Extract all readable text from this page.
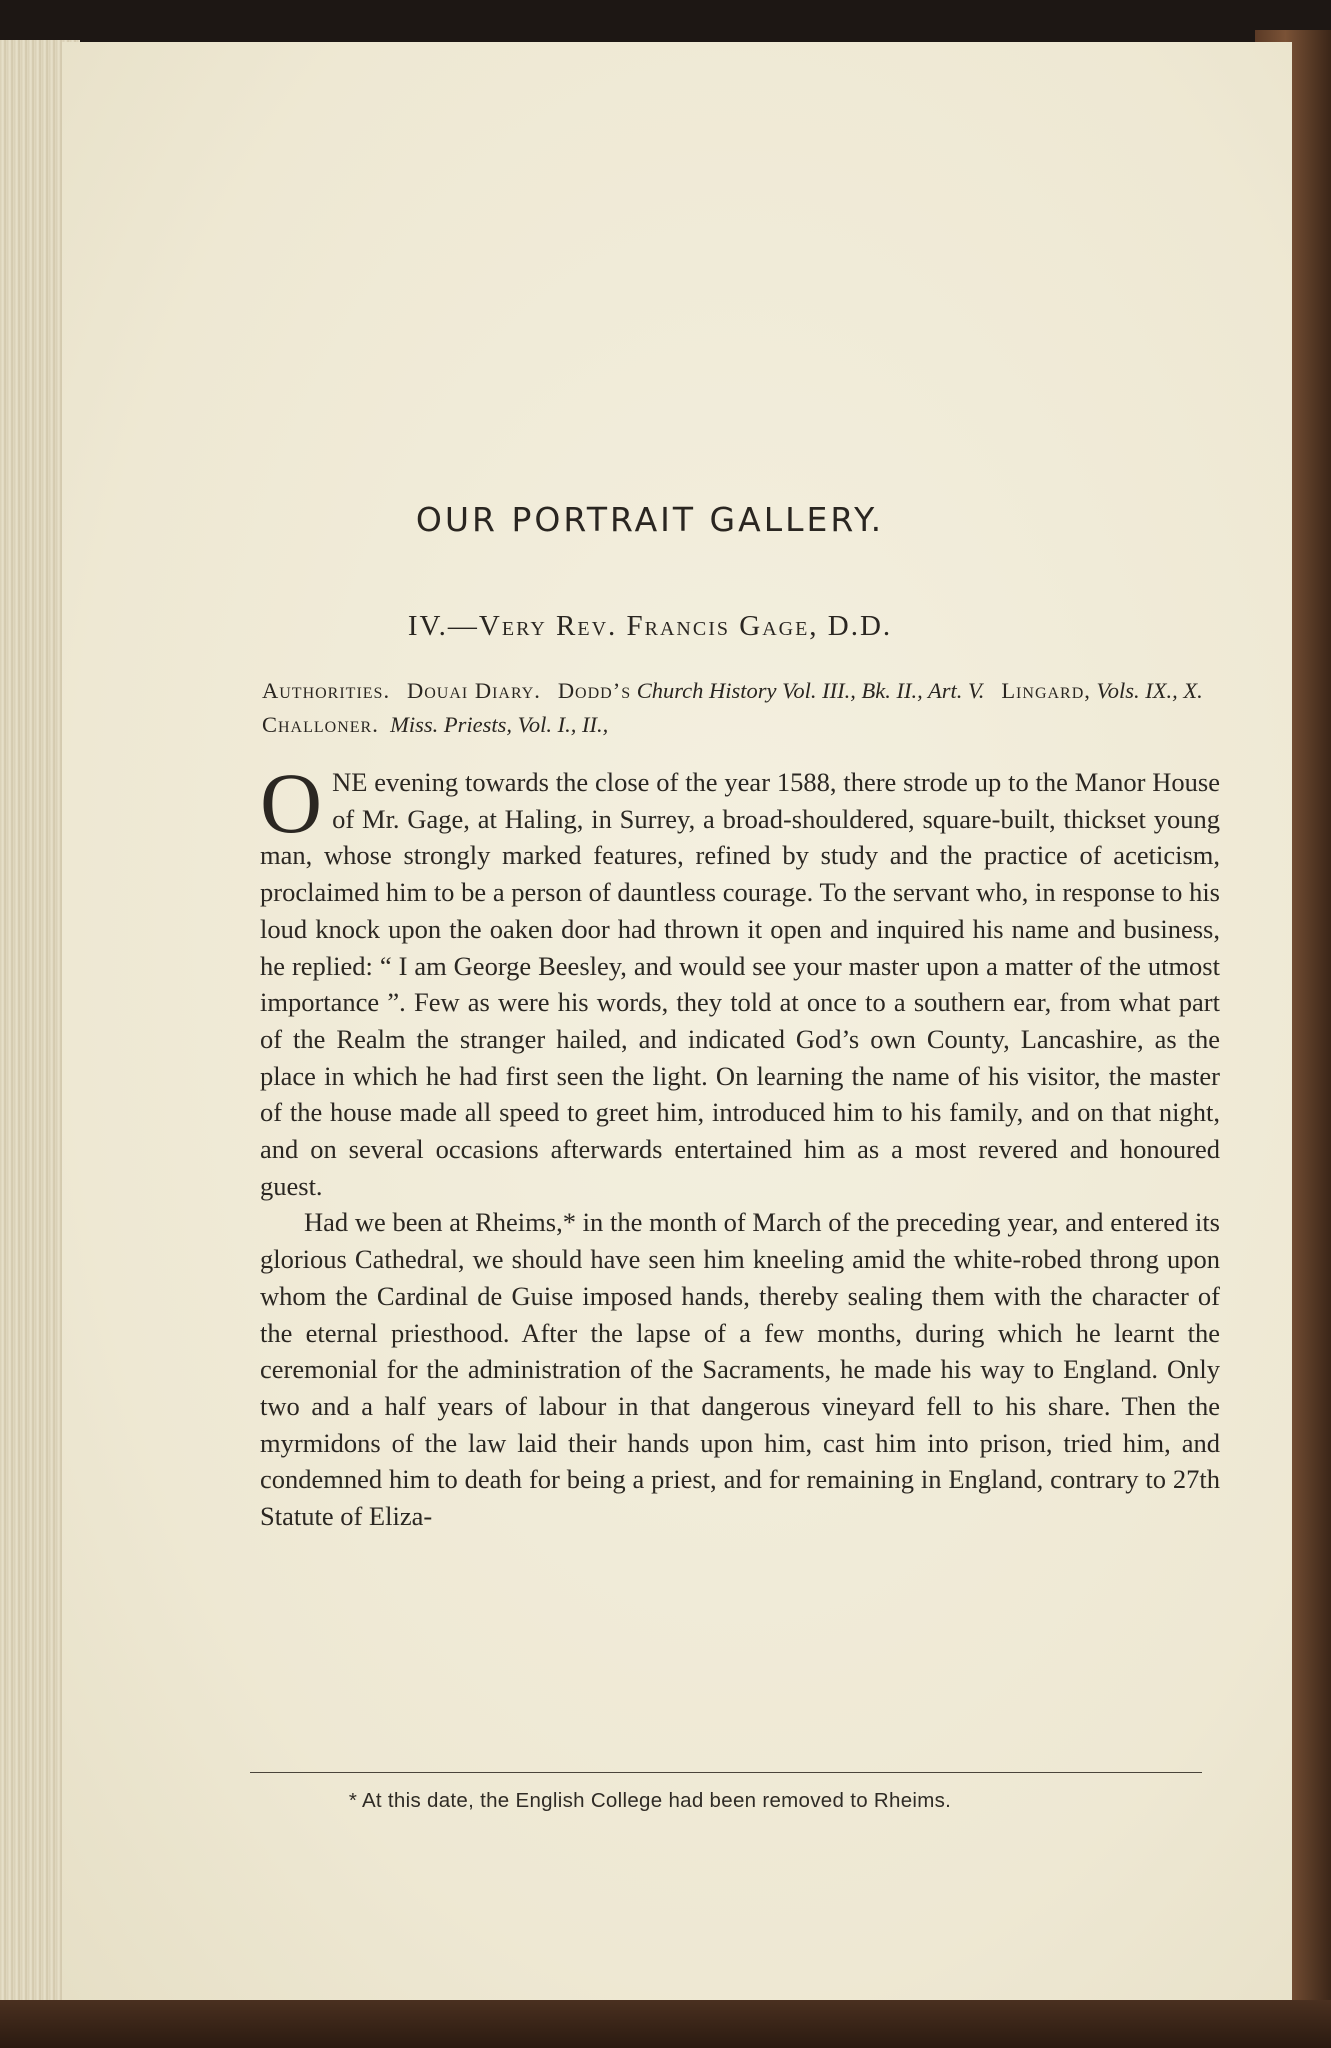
OUR PORTRAIT GALLERY.
IV.—Very Rev. Francis Gage, D.D.
Authorities. Douai Diary. Dodd’s Church History Vol. III., Bk. II., Art. V. Lingard, Vols. IX., X.   Challoner. Miss. Priests, Vol. I., II.,

ONE evening towards the close of the year 1588, there strode up to the Manor House of Mr. Gage, at Haling, in Surrey, a broad-shouldered, square-built, thickset young man, whose strongly marked features, refined by study and the practice of aceticism, proclaimed him to be a person of dauntless courage. To the servant who, in response to his loud knock upon the oaken door had thrown it open and inquired his name and business, he replied: “ I am George Beesley, and would see your master upon a matter of the utmost importance ”. Few as were his words, they told at once to a southern ear, from what part of the Realm the stranger hailed, and indicated God’s own County, Lancashire, as the place in which he had first seen the light. On learning the name of his visitor, the master of the house made all speed to greet him, introduced him to his family, and on that night, and on several occasions afterwards entertained him as a most revered and honoured guest.

Had we been at Rheims,* in the month of March of the preceding year, and entered its glorious Cathedral, we should have seen him kneeling amid the white-robed throng upon whom the Cardinal de Guise imposed hands, thereby sealing them with the character of the eternal priesthood. After the lapse of a few months, during which he learnt the ceremonial for the administration of the Sacraments, he made his way to England. Only two and a half years of labour in that dangerous vineyard fell to his share. Then the myrmidons of the law laid their hands upon him, cast him into prison, tried him, and condemned him to death for being a priest, and for remaining in England, contrary to 27th Statute of Eliza-

* At this date, the English College had been removed to Rheims.
